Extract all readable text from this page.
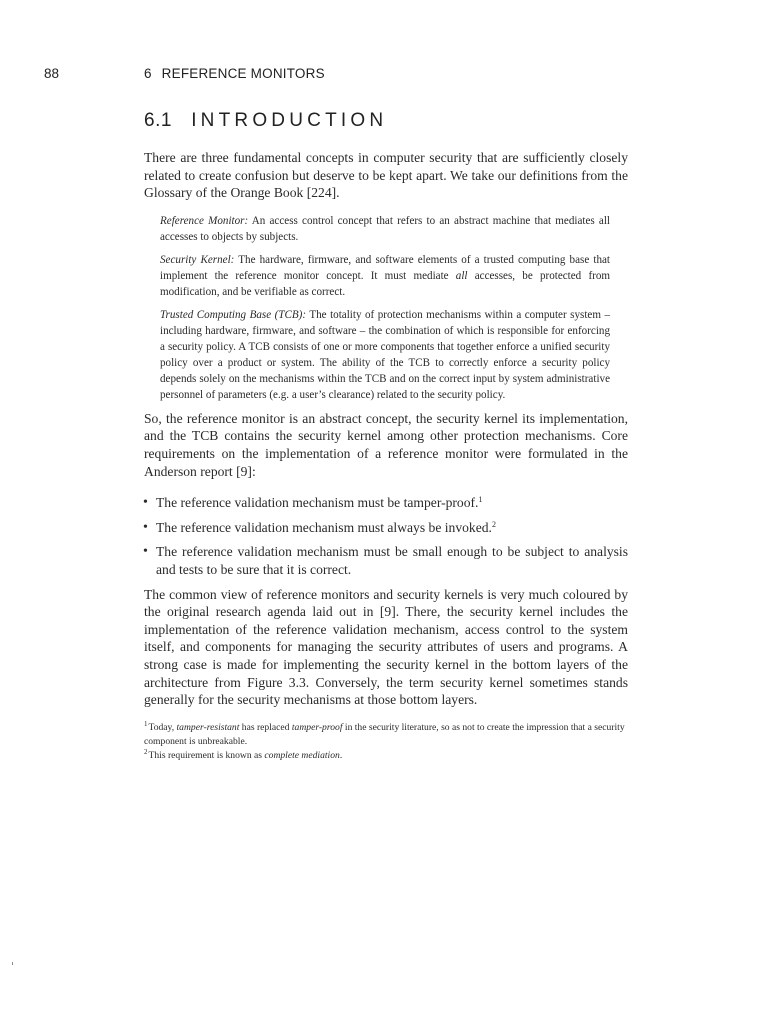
88	6 REFERENCE MONITORS
6.1 INTRODUCTION

There are three fundamental concepts in computer security that are sufficiently closely related to create confusion but deserve to be kept apart. We take our definitions from the Glossary of the Orange Book [224].

Reference Monitor: An access control concept that refers to an abstract machine that mediates all accesses to objects by subjects.

Security Kernel: The hardware, firmware, and software elements of a trusted computing base that implement the reference monitor concept. It must mediate all accesses, be protected from modification, and be verifiable as correct.

Trusted Computing Base (TCB): The totality of protection mechanisms within a computer system – including hardware, firmware, and software – the combination of which is responsible for enforcing a security policy. A TCB consists of one or more components that together enforce a unified security policy over a product or system. The ability of the TCB to correctly enforce a security policy depends solely on the mechanisms within the TCB and on the correct input by system administrative personnel of parameters (e.g. a user’s clearance) related to the security policy.

So, the reference monitor is an abstract concept, the security kernel its implementation, and the TCB contains the security kernel among other protection mechanisms. Core requirements on the implementation of a reference monitor were formulated in the Anderson report [9]:

• The reference validation mechanism must be tamper-proof.$^1$
• The reference validation mechanism must always be invoked.$^2$
• The reference validation mechanism must be small enough to be subject to analysis and tests to be sure that it is correct.

The common view of reference monitors and security kernels is very much coloured by the original research agenda laid out in [9]. There, the security kernel includes the implementation of the reference validation mechanism, access control to the system itself, and components for managing the security attributes of users and programs. A strong case is made for implementing the security kernel in the bottom layers of the architecture from Figure 3.3. Conversely, the term security kernel sometimes stands generally for the security mechanisms at those bottom layers.

$^1$Today, tamper-resistant has replaced tamper-proof in the security literature, so as not to create the impression that a security component is unbreakable.

$^2$This requirement is known as complete mediation.
